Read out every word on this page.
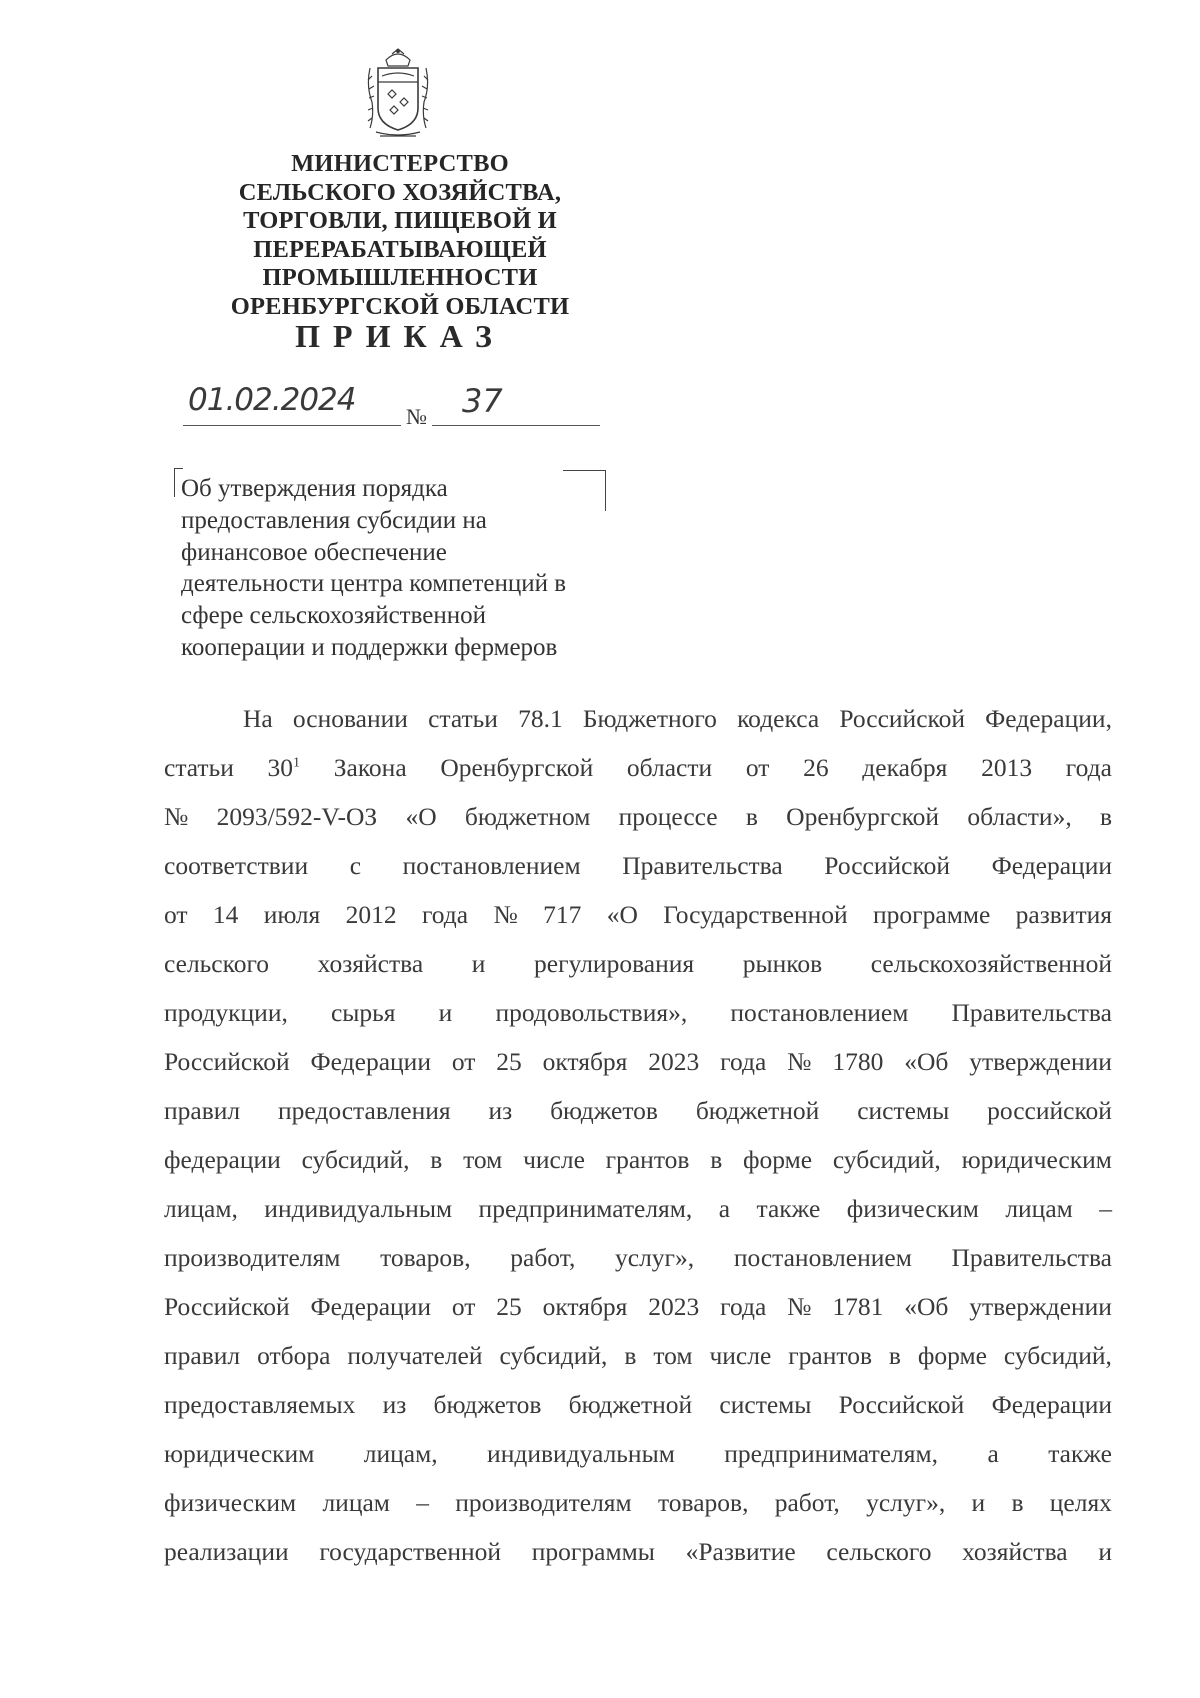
МИНИСТЕРСТВО
СЕЛЬСКОГО ХОЗЯЙСТВА,
ТОРГОВЛИ, ПИЩЕВОЙ И
ПЕРЕРАБАТЫВАЮЩЕЙ
ПРОМЫШЛЕННОСТИ
ОРЕНБУРГСКОЙ ОБЛАСТИ
ПРИКАЗ
01.02.2024 № 37
Об утверждения порядка
предоставления субсидии на
финансовое обеспечение
деятельности центра компетенций в
сфере сельскохозяйственной
кооперации и поддержки фермеров
На основании статьи 78.1 Бюджетного кодекса Российской Федерации,
статьи $30^1$ Закона Оренбургской области от 26 декабря 2013 года
№ 2093/592-V-ОЗ «О бюджетном процессе в Оренбургской области», в
соответствии с постановлением Правительства Российской Федерации
от 14 июля 2012 года № 717 «О Государственной программе развития
сельского хозяйства и регулирования рынков сельскохозяйственной
продукции, сырья и продовольствия», постановлением Правительства
Российской Федерации от 25 октября 2023 года № 1780 «Об утверждении
правил предоставления из бюджетов бюджетной системы российской
федерации субсидий, в том числе грантов в форме субсидий, юридическим
лицам, индивидуальным предпринимателям, а также физическим лицам –
производителям товаров, работ, услуг», постановлением Правительства
Российской Федерации от 25 октября 2023 года № 1781 «Об утверждении
правил отбора получателей субсидий, в том числе грантов в форме субсидий,
предоставляемых из бюджетов бюджетной системы Российской Федерации
юридическим лицам, индивидуальным предпринимателям, а также
физическим лицам – производителям товаров, работ, услуг», и в целях
реализации государственной программы «Развитие сельского хозяйства и
